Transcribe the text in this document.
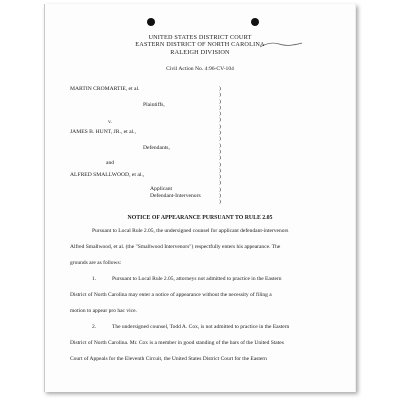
UNITED STATES DISTRICT COURT
EASTERN DISTRICT OF NORTH CAROLINA
RALEIGH DIVISION
Civil Action No. 4:96-CV-104
MARTIN CROMARTIE, et al.
Plaintiffs,
v.
JAMES B. HUNT, JR., et al.,
Defendants,
and
ALFRED SMALLWOOD, et al.,
Applicant
Defendant-Intervenors
)
)
)
)
)
)
)
)
)
)
)
)
)
)
)
)
)
)
)
NOTICE OF APPEARANCE PURSUANT TO RULE 2.05
Pursuant to Local Rule 2.05, the undersigned counsel for applicant defendant-intervenors
Alfred Smallwood, et al. (the "Smallwood Intervenors") respectfully enters his appearance. The
grounds are as follows:
1.	Pursuant to Local Rule 2.05, attorneys not admitted to practice in the Eastern
District of North Carolina may enter a notice of appearance without the necessity of filing a
motion to appear pro hac vice.
2.	The undersigned counsel, Todd A. Cox, is not admitted to practice in the Eastern
District of North Carolina. Mr. Cox is a member in good standing of the bars of the United States
Court of Appeals for the Eleventh Circuit, the United States District Court for the Eastern
